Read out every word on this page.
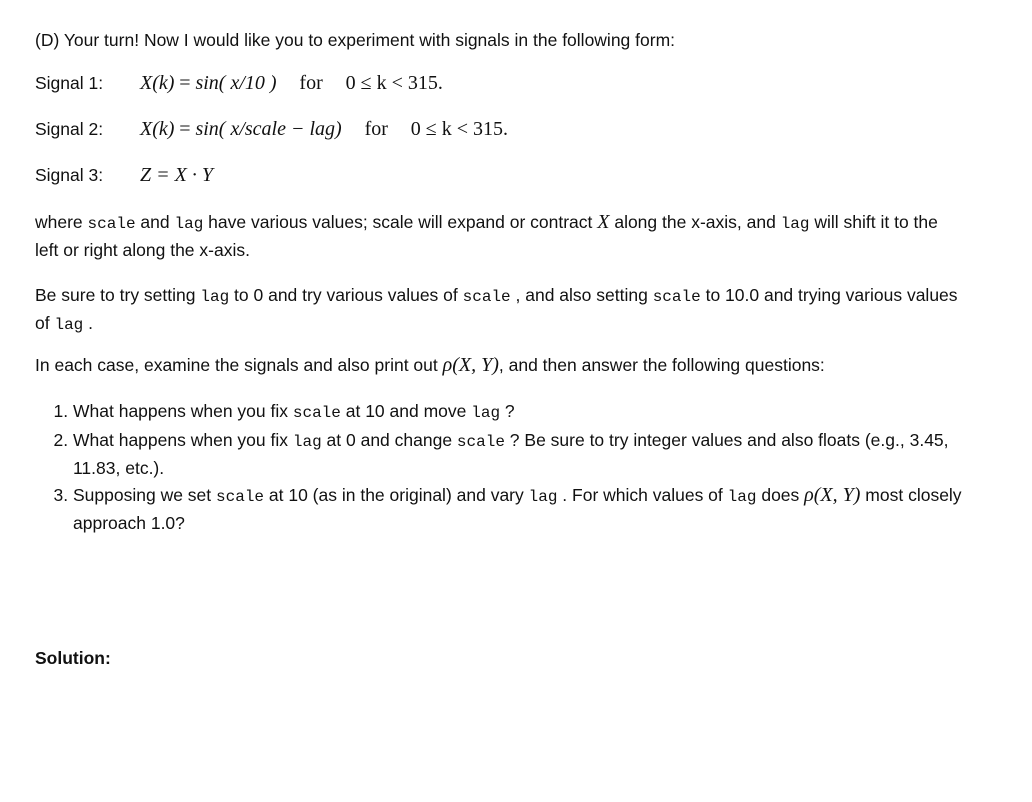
(D) Your turn! Now I would like you to experiment with signals in the following form:
Signal 1: X(k) = sin( x/10 ) for 0 ≤ k < 315.
Signal 2: X(k) = sin( x/scale − lag) for 0 ≤ k < 315.
Signal 3: Z = X · Y
where scale and lag have various values; scale will expand or contract X along the x-axis, and lag will shift it to the left or right along the x-axis.
Be sure to try setting lag to 0 and try various values of scale , and also setting scale to 10.0 and trying various values of lag .
In each case, examine the signals and also print out ρ(X, Y), and then answer the following questions:
1. What happens when you fix scale at 10 and move lag ?
2. What happens when you fix lag at 0 and change scale ? Be sure to try integer values and also floats (e.g., 3.45, 11.83, etc.).
3. Supposing we set scale at 10 (as in the original) and vary lag . For which values of lag does ρ(X, Y) most closely approach 1.0?
Solution:
